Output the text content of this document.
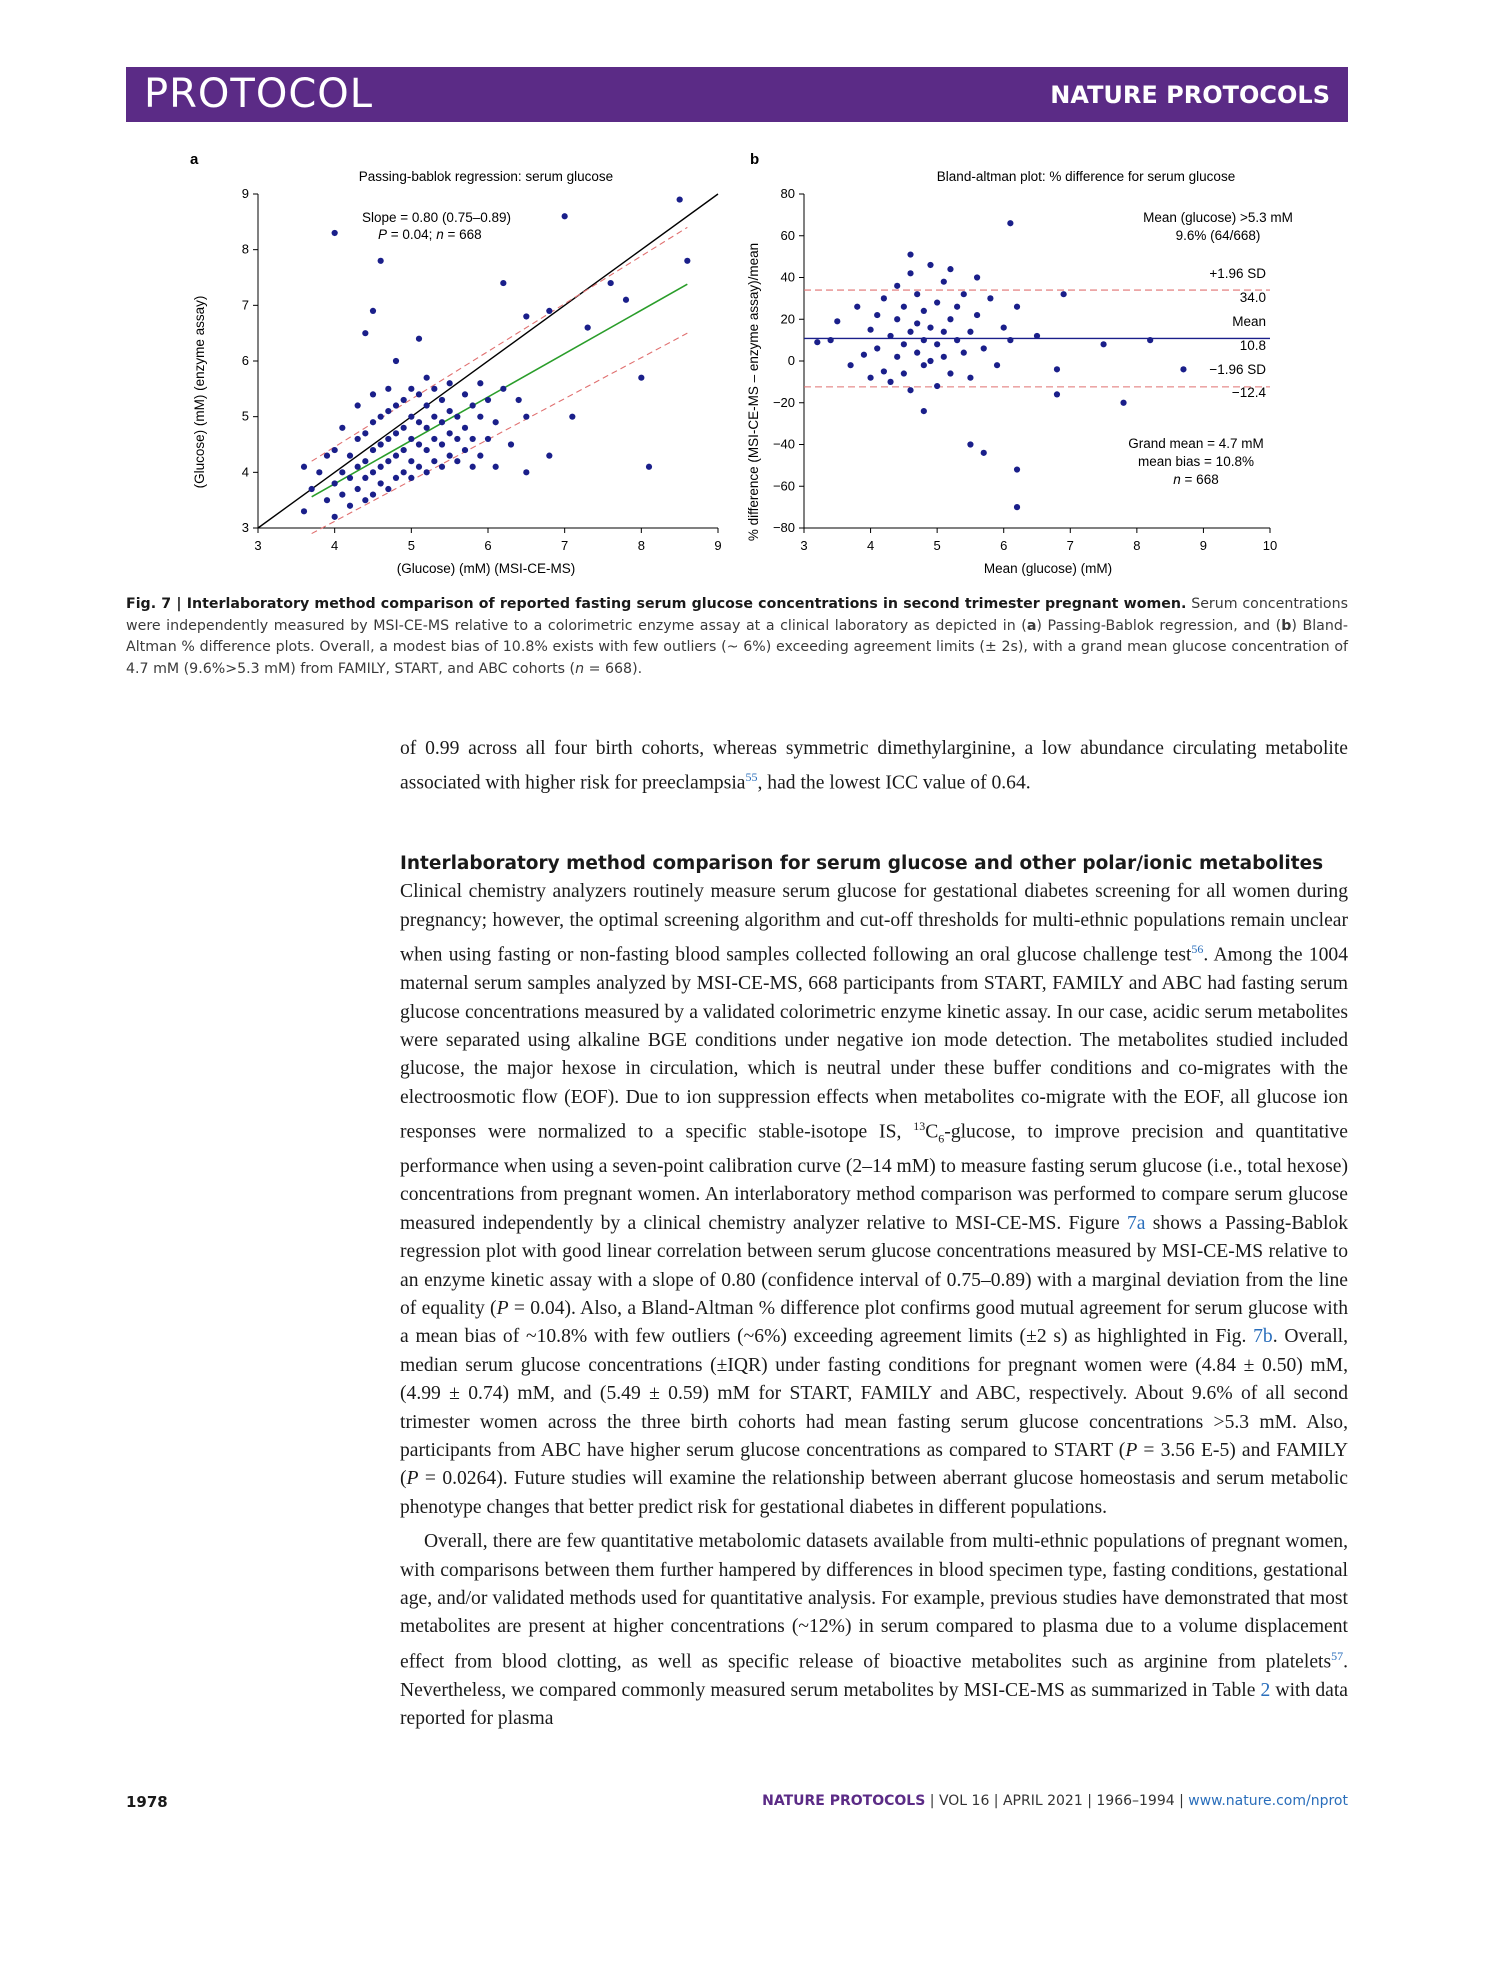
PROTOCOL	NATURE PROTOCOLS
a	b
Passing-bablok regression: serum glucose
(Glucose) (mM) (MSI-CE-MS)
(Glucose) (mM) (enzyme assay)
3	4	5	6	7	8	9
3
4
5
6
7
8
9
Slope = 0.80 (0.75–0.89)
P = 0.04; n = 668
Bland-altman plot: % difference for serum glucose
Mean (glucose) (mM)
% difference (MSI-CE-MS – enzyme assay)/mean
3	4	5	6	7	8	9	10
−80
−60
−40
−20
0
20
40
60
80
Mean (glucose) >5.3 mM
9.6% (64/668)
+1.96 SD
34.0
Mean
10.8
−1.96 SD
−12.4
Grand mean = 4.7 mM
mean bias = 10.8%
n = 668
Fig. 7 | Interlaboratory method comparison of reported fasting serum glucose concentrations in second trimester pregnant women. Serum concentrations were independently measured by MSI-CE-MS relative to a colorimetric enzyme assay at a clinical laboratory as depicted in (a) Passing-Bablok regression, and (b) Bland-Altman % difference plots. Overall, a modest bias of 10.8% exists with few outliers (~ 6%) exceeding agreement limits (± 2s), with a grand mean glucose concentration of 4.7 mM (9.6%>5.3 mM) from FAMILY, START, and ABC cohorts (n = 668).

of 0.99 across all four birth cohorts, whereas symmetric dimethylarginine, a low abundance circulating metabolite associated with higher risk for preeclampsia$^{55}$, had the lowest ICC value of 0.64.

Interlaboratory method comparison for serum glucose and other polar/ionic metabolites

Clinical chemistry analyzers routinely measure serum glucose for gestational diabetes screening for all women during pregnancy; however, the optimal screening algorithm and cut-off thresholds for multi-ethnic populations remain unclear when using fasting or non-fasting blood samples collected following an oral glucose challenge test$^{56}$. Among the 1004 maternal serum samples analyzed by MSI-CE-MS, 668 participants from START, FAMILY and ABC had fasting serum glucose concentrations measured by a validated colorimetric enzyme kinetic assay. In our case, acidic serum metabolites were separated using alkaline BGE conditions under negative ion mode detection. The metabolites studied included glucose, the major hexose in circulation, which is neutral under these buffer conditions and co-migrates with the electroosmotic flow (EOF). Due to ion suppression effects when metabolites co-migrate with the EOF, all glucose ion responses were normalized to a specific stable-isotope IS, $^{13}C_6$-glucose, to improve precision and quantitative performance when using a seven-point calibration curve (2–14 mM) to measure fasting serum glucose (i.e., total hexose) concentrations from pregnant women. An interlaboratory method comparison was performed to compare serum glucose measured independently by a clinical chemistry analyzer relative to MSI-CE-MS. Figure 7a shows a Passing-Bablok regression plot with good linear correlation between serum glucose concentrations measured by MSI-CE-MS relative to an enzyme kinetic assay with a slope of 0.80 (confidence interval of 0.75–0.89) with a marginal deviation from the line of equality (P = 0.04). Also, a Bland-Altman % difference plot confirms good mutual agreement for serum glucose with a mean bias of ~10.8% with few outliers (~6%) exceeding agreement limits (±2 s) as highlighted in Fig. 7b. Overall, median serum glucose concentrations (±IQR) under fasting conditions for pregnant women were (4.84 ± 0.50) mM, (4.99 ± 0.74) mM, and (5.49 ± 0.59) mM for START, FAMILY and ABC, respectively. About 9.6% of all second trimester women across the three birth cohorts had mean fasting serum glucose concentrations >5.3 mM. Also, participants from ABC have higher serum glucose concentrations as compared to START (P = 3.56 E-5) and FAMILY (P = 0.0264). Future studies will examine the relationship between aberrant glucose homeostasis and serum metabolic phenotype changes that better predict risk for gestational diabetes in different populations.

Overall, there are few quantitative metabolomic datasets available from multi-ethnic populations of pregnant women, with comparisons between them further hampered by differences in blood specimen type, fasting conditions, gestational age, and/or validated methods used for quantitative analysis. For example, previous studies have demonstrated that most metabolites are present at higher concentrations (~12%) in serum compared to plasma due to a volume displacement effect from blood clotting, as well as specific release of bioactive metabolites such as arginine from platelets$^{57}$. Nevertheless, we compared commonly measured serum metabolites by MSI-CE-MS as summarized in Table 2 with data reported for plasma

1978	NATURE PROTOCOLS | VOL 16 | APRIL 2021 | 1966–1994 | www.nature.com/nprot
